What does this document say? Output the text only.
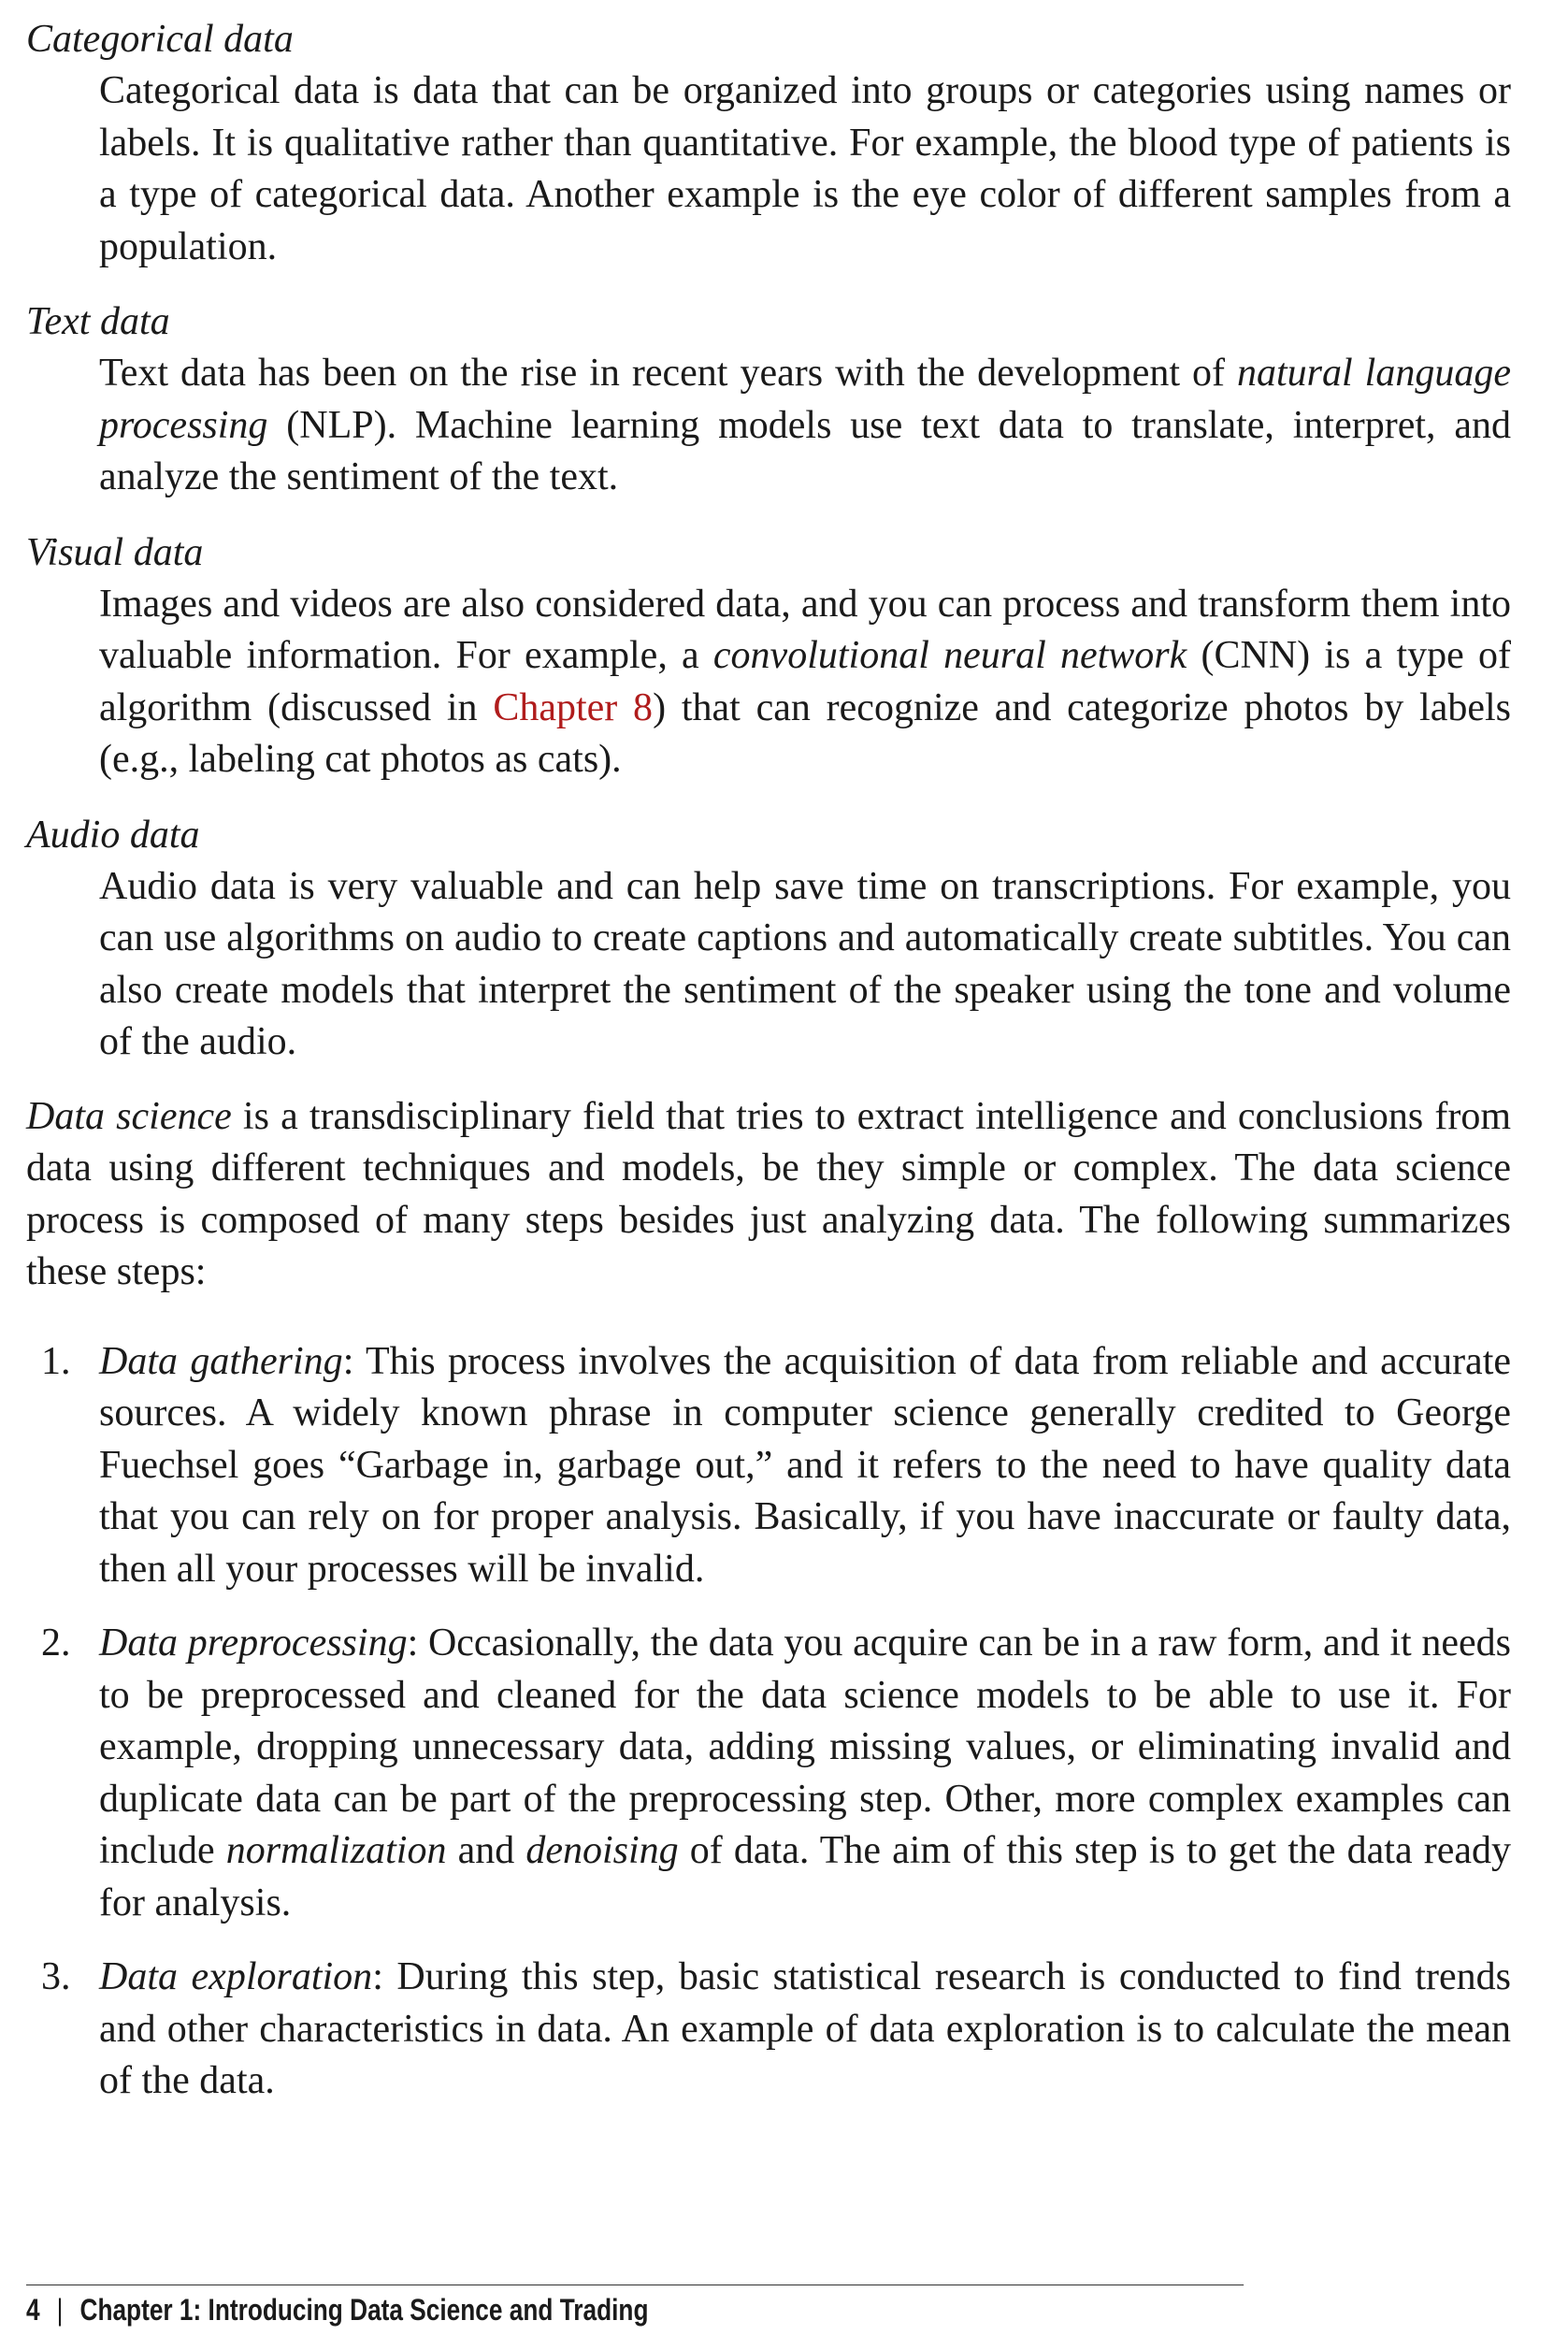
Categorical data

Categorical data is data that can be organized into groups or categories using names or labels. It is qualitative rather than quantitative. For example, the blood type of patients is a type of categorical data. Another example is the eye color of different samples from a population.

Text data

Text data has been on the rise in recent years with the development of natural language processing (NLP). Machine learning models use text data to translate, interpret, and analyze the sentiment of the text.

Visual data

Images and videos are also considered data, and you can process and transform them into valuable information. For example, a convolutional neural network (CNN) is a type of algorithm (discussed in Chapter 8) that can recognize and categorize photos by labels (e.g., labeling cat photos as cats).

Audio data

Audio data is very valuable and can help save time on transcriptions. For example, you can use algorithms on audio to create captions and automatically create subtitles. You can also create models that interpret the sentiment of the speaker using the tone and volume of the audio.

Data science is a transdisciplinary field that tries to extract intelligence and conclusions from data using different techniques and models, be they simple or complex. The data science process is composed of many steps besides just analyzing data. The following summarizes these steps:

1. Data gathering: This process involves the acquisition of data from reliable and accurate sources. A widely known phrase in computer science generally credited to George Fuechsel goes “Garbage in, garbage out,” and it refers to the need to have quality data that you can rely on for proper analysis. Basically, if you have inaccurate or faulty data, then all your processes will be invalid.
2. Data preprocessing: Occasionally, the data you acquire can be in a raw form, and it needs to be preprocessed and cleaned for the data science models to be able to use it. For example, dropping unnecessary data, adding missing values, or eliminating invalid and duplicate data can be part of the preprocessing step. Other, more complex examples can include normalization and denoising of data. The aim of this step is to get the data ready for analysis.
3. Data exploration: During this step, basic statistical research is conducted to find trends and other characteristics in data. An example of data exploration is to calculate the mean of the data.
4 | Chapter 1: Introducing Data Science and Trading
